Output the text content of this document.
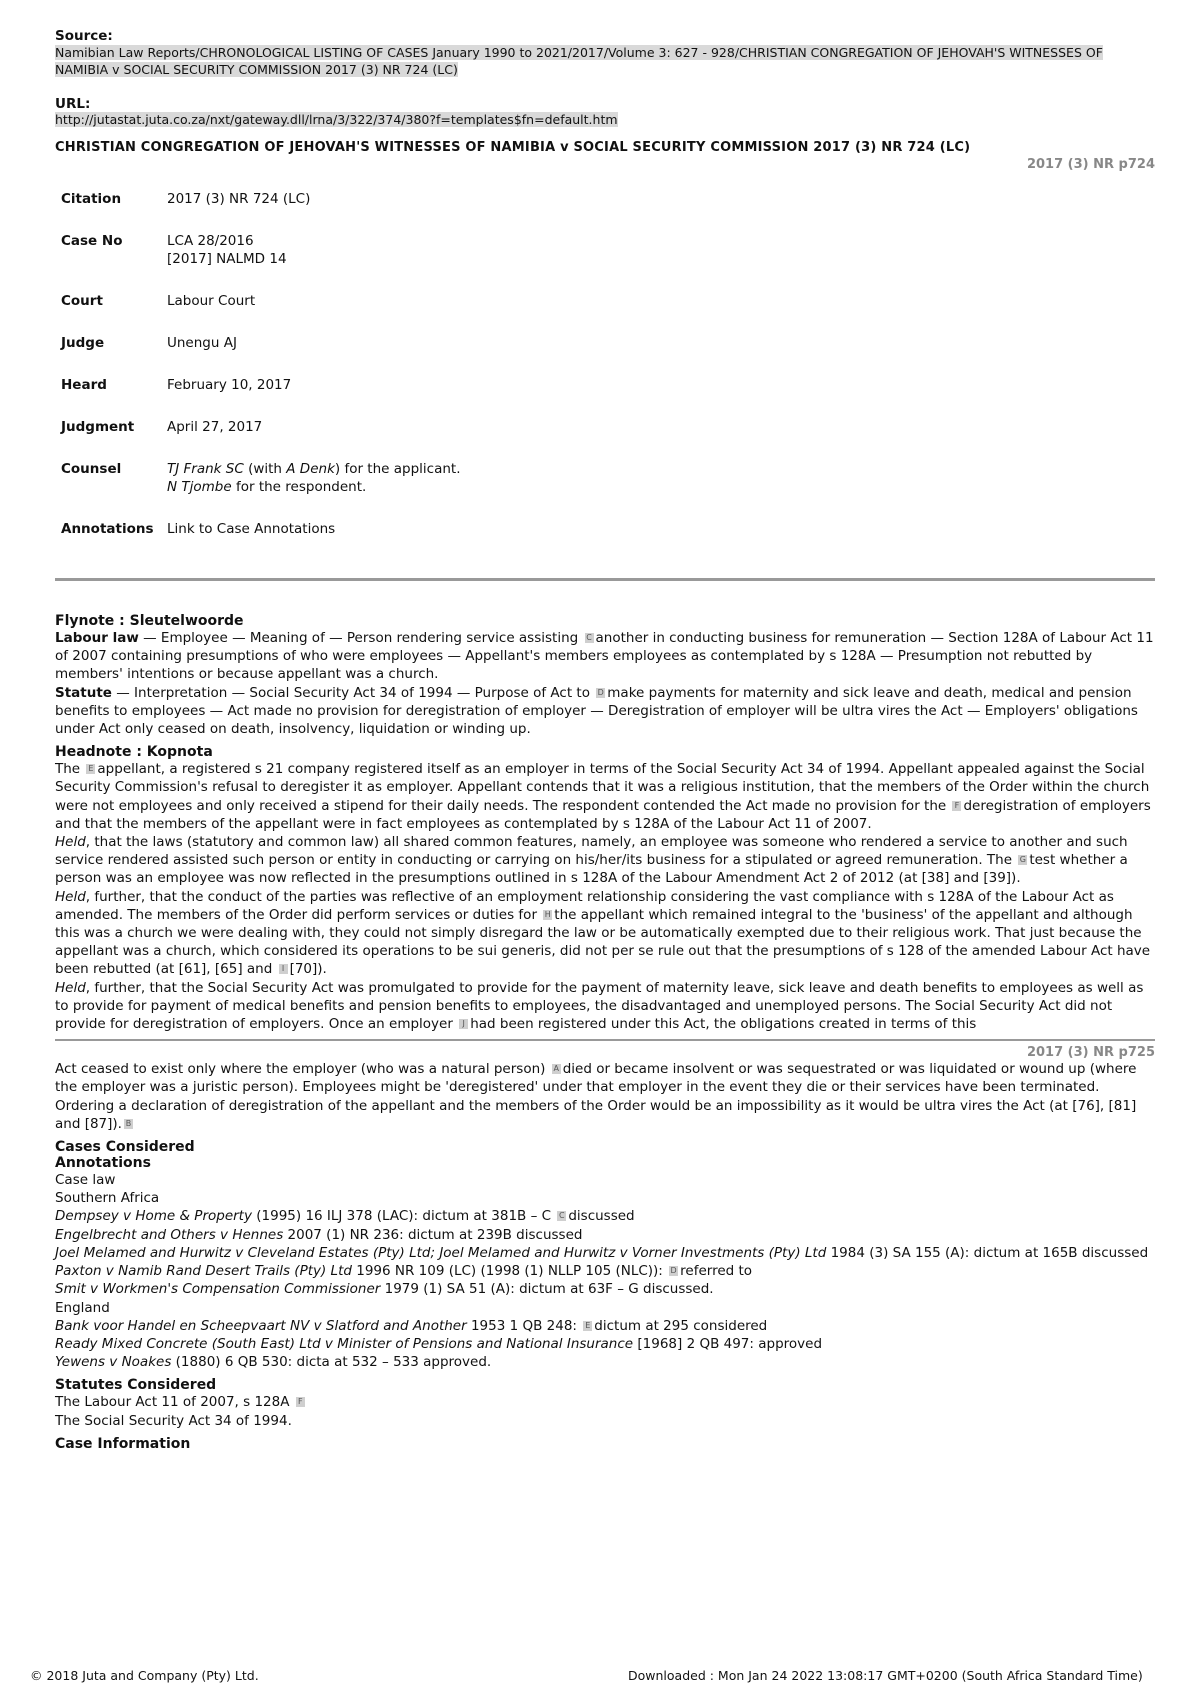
Source:

Namibian Law Reports/CHRONOLOGICAL LISTING OF CASES January 1990 to 2021/2017/Volume 3: 627 - 928/CHRISTIAN CONGREGATION OF JEHOVAH'S WITNESSES OF NAMIBIA v SOCIAL SECURITY COMMISSION 2017 (3) NR 724 (LC)

URL:

http://jutastat.juta.co.za/nxt/gateway.dll/lrna/3/322/374/380?f=templates$fn=default.htm

CHRISTIAN CONGREGATION OF JEHOVAH'S WITNESSES OF NAMIBIA v SOCIAL SECURITY COMMISSION 2017 (3) NR 724 (LC)

2017 (3) NR p724
Citation	2017 (3) NR 724 (LC)
Case No	LCA 28/2016
[2017] NALMD 14

Court	Labour Court
Judge	Unengu AJ
Heard	February 10, 2017
Judgment	April 27, 2017
Counsel	TJ Frank SC (with A Denk) for the applicant.
N Tjombe for the respondent.

Annotations	Link to Case Annotations

Flynote : Sleutelwoorde

Labour law — Employee — Meaning of — Person rendering service assisting C another in conducting business for remuneration — Section 128A of Labour Act 11 of 2007 containing presumptions of who were employees — Appellant's members employees as contemplated by s 128A — Presumption not rebutted by members' intentions or because appellant was a church.

Statute — Interpretation — Social Security Act 34 of 1994 — Purpose of Act to D make payments for maternity and sick leave and death, medical and pension benefits to employees — Act made no provision for deregistration of employer — Deregistration of employer will be ultra vires the Act — Employers' obligations under Act only ceased on death, insolvency, liquidation or winding up.

Headnote : Kopnota

The E appellant, a registered s 21 company registered itself as an employer in terms of the Social Security Act 34 of 1994. Appellant appealed against the Social Security Commission's refusal to deregister it as employer. Appellant contends that it was a religious institution, that the members of the Order within the church were not employees and only received a stipend for their daily needs. The respondent contended the Act made no provision for the F deregistration of employers and that the members of the appellant were in fact employees as contemplated by s 128A of the Labour Act 11 of 2007.

Held, that the laws (statutory and common law) all shared common features, namely, an employee was someone who rendered a service to another and such service rendered assisted such person or entity in conducting or carrying on his/her/its business for a stipulated or agreed remuneration. The G test whether a person was an employee was now reflected in the presumptions outlined in s 128A of the Labour Amendment Act 2 of 2012 (at [38] and [39]).

Held, further, that the conduct of the parties was reflective of an employment relationship considering the vast compliance with s 128A of the Labour Act as amended. The members of the Order did perform services or duties for H the appellant which remained integral to the 'business' of the appellant and although this was a church we were dealing with, they could not simply disregard the law or be automatically exempted due to their religious work. That just because the appellant was a church, which considered its operations to be sui generis, did not per se rule out that the presumptions of s 128 of the amended Labour Act have been rebutted (at [61], [65] and I [70]).

Held, further, that the Social Security Act was promulgated to provide for the payment of maternity leave, sick leave and death benefits to employees as well as to provide for payment of medical benefits and pension benefits to employees, the disadvantaged and unemployed persons. The Social Security Act did not provide for deregistration of employers. Once an employer J had been registered under this Act, the obligations created in terms of this

2017 (3) NR p725

Act ceased to exist only where the employer (who was a natural person) A died or became insolvent or was sequestrated or was liquidated or wound up (where the employer was a juristic person). Employees might be 'deregistered' under that employer in the event they die or their services have been terminated. Ordering a declaration of deregistration of the appellant and the members of the Order would be an impossibility as it would be ultra vires the Act (at [76], [81] and [87]). B

Cases Considered

Annotations

Case law

Southern Africa

Dempsey v Home & Property (1995) 16 ILJ 378 (LAC): dictum at 381B – C C discussed

Engelbrecht and Others v Hennes 2007 (1) NR 236: dictum at 239B discussed

Joel Melamed and Hurwitz v Cleveland Estates (Pty) Ltd; Joel Melamed and Hurwitz v Vorner Investments (Pty) Ltd 1984 (3) SA 155 (A): dictum at 165B discussed

Paxton v Namib Rand Desert Trails (Pty) Ltd 1996 NR 109 (LC) (1998 (1) NLLP 105 (NLC)): D referred to

Smit v Workmen's Compensation Commissioner 1979 (1) SA 51 (A): dictum at 63F – G discussed.

England

Bank voor Handel en Scheepvaart NV v Slatford and Another 1953 1 QB 248: E dictum at 295 considered

Ready Mixed Concrete (South East) Ltd v Minister of Pensions and National Insurance [1968] 2 QB 497: approved

Yewens v Noakes (1880) 6 QB 530: dicta at 532 – 533 approved.

Statutes Considered

The Labour Act 11 of 2007, s 128A F

The Social Security Act 34 of 1994.

Case Information

© 2018 Juta and Company (Pty) Ltd.	Downloaded : Mon Jan 24 2022 13:08:17 GMT+0200 (South Africa Standard Time)
